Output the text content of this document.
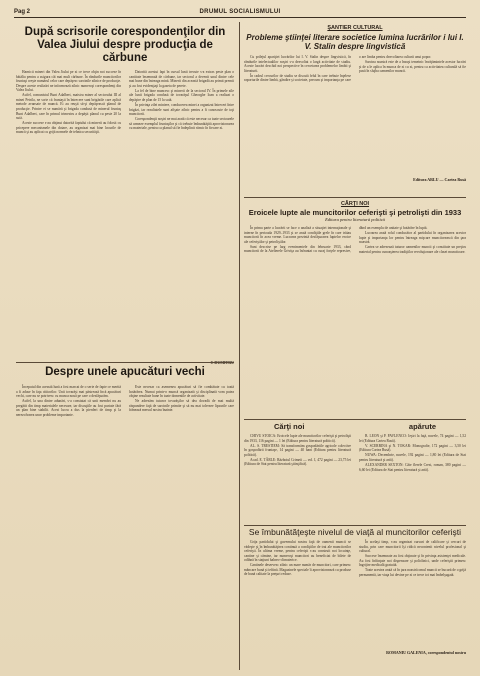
Pag 2	DRUMUL SOCIALISMULUI
După scrisorile corespondenţilor din Valea Jiului despre producţia de cărbune

Harnicii mineri din Valea Jiului pe zi ce trece obţin noi succese în bătălia pentru a asigura cât mai mult cărbune. În rândurile muncitorilor fruntaşi creşte numărul celor care depăşesc sarcinile zilnice de producţie. Despre aceste realizări ne informează zilnic numeroşi corespondenţi din Valea Jiului.

Astfel, comunistul Bunt Adalbert, maistru miner al sectorului III al minei Petrila, ne scrie că fruntaşii în întrecere sunt brigăzile care aplică metode avansate de muncă. Ei au reuşit să-şi depăşească planul de producţie. Printre ei se numără şi brigada condusă de minerul fruntaş Bunt Adalbert, care în primul trimestru a depăşit planul cu peste 20 la sută.

Aceste succese s-au obţinut datorită faptului că minerii au folosit cu pricepere mecanismele din dotare, au organizat mai bine locurile de muncă şi au aplicat cu grijă normele de tehnica securităţii.

Datorită acestui fapt în cursul lunii trecute s-a extras peste plan o cantitate însemnată de cărbune, iar sectorul a devenit unul dintre cele mai bune din întreaga mină. Minerii din această brigadă au primit premii şi au fost evidenţiaţi la gazeta de perete.

La fel de bine muncesc şi minerii de la sectorul IV. În primele zile ale lunii brigada condusă de tovarăşul Gheorghe Ioan a realizat o depăşire de plan de 15 la sută.

În privinţa zilei miniere, conducerea minei a organizat întreceri între brigăzi, iar rezultatele sunt afişate zilnic pentru a fi cunoscute de toţi muncitorii.

Corespondenţii noştri ne mai arată că este necesar ca toate sectoarele să urmeze exemplul fruntaşilor şi că trebuie îmbunătăţită aprovizionarea cu materiale, pentru ca planul să fie îndeplinit ritmic în fiecare zi.

Despre unele apucături vechi

Începutul din această lună a fost marcat de o serie de fapte ce merită a fi aduse în faţa cititorilor. Unii tovarăşi mai păstrează încă apucături vechi, care nu se potrivesc cu munca nouă pe care o desfăşurăm.

Astfel, la una dintre adunări, s-a constatat că unii membri nu au pregătit din timp materialele necesare, iar discuţiile au fost purtate fără un plan bine stabilit. Acest lucru a dus la pierderi de timp şi la nerezolvarea unor probleme importante.

Este necesar ca asemenea apucături să fie combătute cu toată hotărârea. Numai printr-o muncă organizată şi disciplinată vom putea obţine rezultate bune în toate domeniile de activitate.

Ne adresăm tuturor tovarăşilor să dea dovadă de mai multă răspundere faţă de sarcinile primite şi să nu mai tolereze lipsurile care frânează mersul nostru înainte.

ŞANTIER CULTURAL
Probleme ştiinţei literare societice lumina lucrărilor i lui I. V. Stalin despre lingvistică

Cu prilejul apariţiei lucrărilor lui I. V. Stalin despre lingvistică, în rândurile intelectualilor noştri s-a dezvoltat o largă activitate de studiu. Aceste lucrări deschid noi perspective în cercetarea problemelor limbii şi literaturii.

În cadrul cercurilor de studiu se discută felul în care trebuie înţelese raporturile dintre limbă, gândire şi societate, precum şi importanţa pe care o are limba pentru dezvoltarea culturii unui popor.

Sarcina noastră este de a însuşi temeinic învăţămintele acestor lucrări şi de a le aplica în munca de zi cu zi, pentru ca activitatea culturală să fie pusă în slujba oamenilor muncii.

Editura ARLU — Cartea Rusă
CĂRŢI NOI
Eroicele lupte ale muncitorilor ceferişti şi petrolişti din 1933
Editura pentru literatură politică

În prima parte a lucrării se face o analiză a situaţiei internaţionale şi interne în perioada 1929–1933 şi se arată condiţiile grele în care trăiau muncitorii în acea vreme. Lucrarea prezintă desfăşurarea luptelor eroice ale ceferiştilor şi petroliştilor.

Sunt descrise pe larg evenimentele din februarie 1933, când muncitorii de la Atelierele Griviţa au înfruntat cu curaj forţele represive, dând un exemplu de unitate şi hotărâre în luptă.

Lucrarea arată rolul conducător al partidului în organizarea acestor lupte şi importanţa lor pentru întreaga mişcare muncitorească din ţara noastră.

Cartea se adresează tuturor oamenilor muncii şi constituie un preţios material pentru cunoaşterea tradiţiilor revoluţionare ale clasei muncitoare.

Cărţi noi	apărute

CHIVU STOICA: Eroicele lupte ale muncitorilor ceferişti şi petrolişti din 1933, 116 pagini — 1 lei (Editura pentru literatură politică).

AL. S. TRESTIEM: Să transformăm gospodăriile agricole colective în gospodării fruntaşe, 14 pagini — 40 bani (Editura pentru literatură politică).

Acad. E. TÂRLE: Războiul Crimeii — vol. I, 472 pagini — 23,75 lei (Editura de Stat pentru literatură ştiinţifică).

B. LEON şi P. PAVLENCO: Ieşiri la faţă, nuvele, 74 pagini — 1,52 lei (Editura Cartea Rusă).

V. SCERBINA şi N. TOKAR: Monografie, 172 pagini — 3,50 lei (Editura Cartea Rusă).

NUWA: Decembrie, nuvele, 192 pagini — 1,80 lei (Editura de Stat pentru literatură şi artă).

ALEXANDER SEXTON: Câte flerele Crest, roman, 380 pagini — 6,60 lei (Editura de Stat pentru literatură şi artă).

Se îmbunătăţeşte nivelul de viaţă al muncitorilor ceferişti

Grija partidului şi guvernului nostru faţă de oamenii muncii se vădeşte şi în îmbunătăţirea continuă a condiţiilor de trai ale muncitorilor ceferişti. În ultima vreme, pentru ceferişti s-au construit noi locuinţe, cantine şi cămine, iar numeroşi muncitori au beneficiat de bilete de odihnă în staţiuni balneo-climaterice.

Cantinele deservesc zilnic un mare număr de muncitori, care primesc mâncare bună şi ieftină. Magazinele speciale îi aprovizionează cu produse de bună calitate la preţuri reduse.

În acelaşi timp, s-au organizat cursuri de calificare şi cercuri de studiu, prin care muncitorii îşi ridică necontenit nivelul profesional şi cultural.

Succese însemnate au fost obţinute şi în privinţa asistenţei medicale. Au fost înfiinţate noi dispensare şi policlinici, unde ceferiştii primesc îngrijire medicală gratuită.

Toate acestea arată că în ţara noastră omul muncii se bucură de o grijă permanentă, iar viaţa lui devine pe zi ce trece tot mai îmbelşugată.

ROMANIU GALENIA, corespondentul nostru
